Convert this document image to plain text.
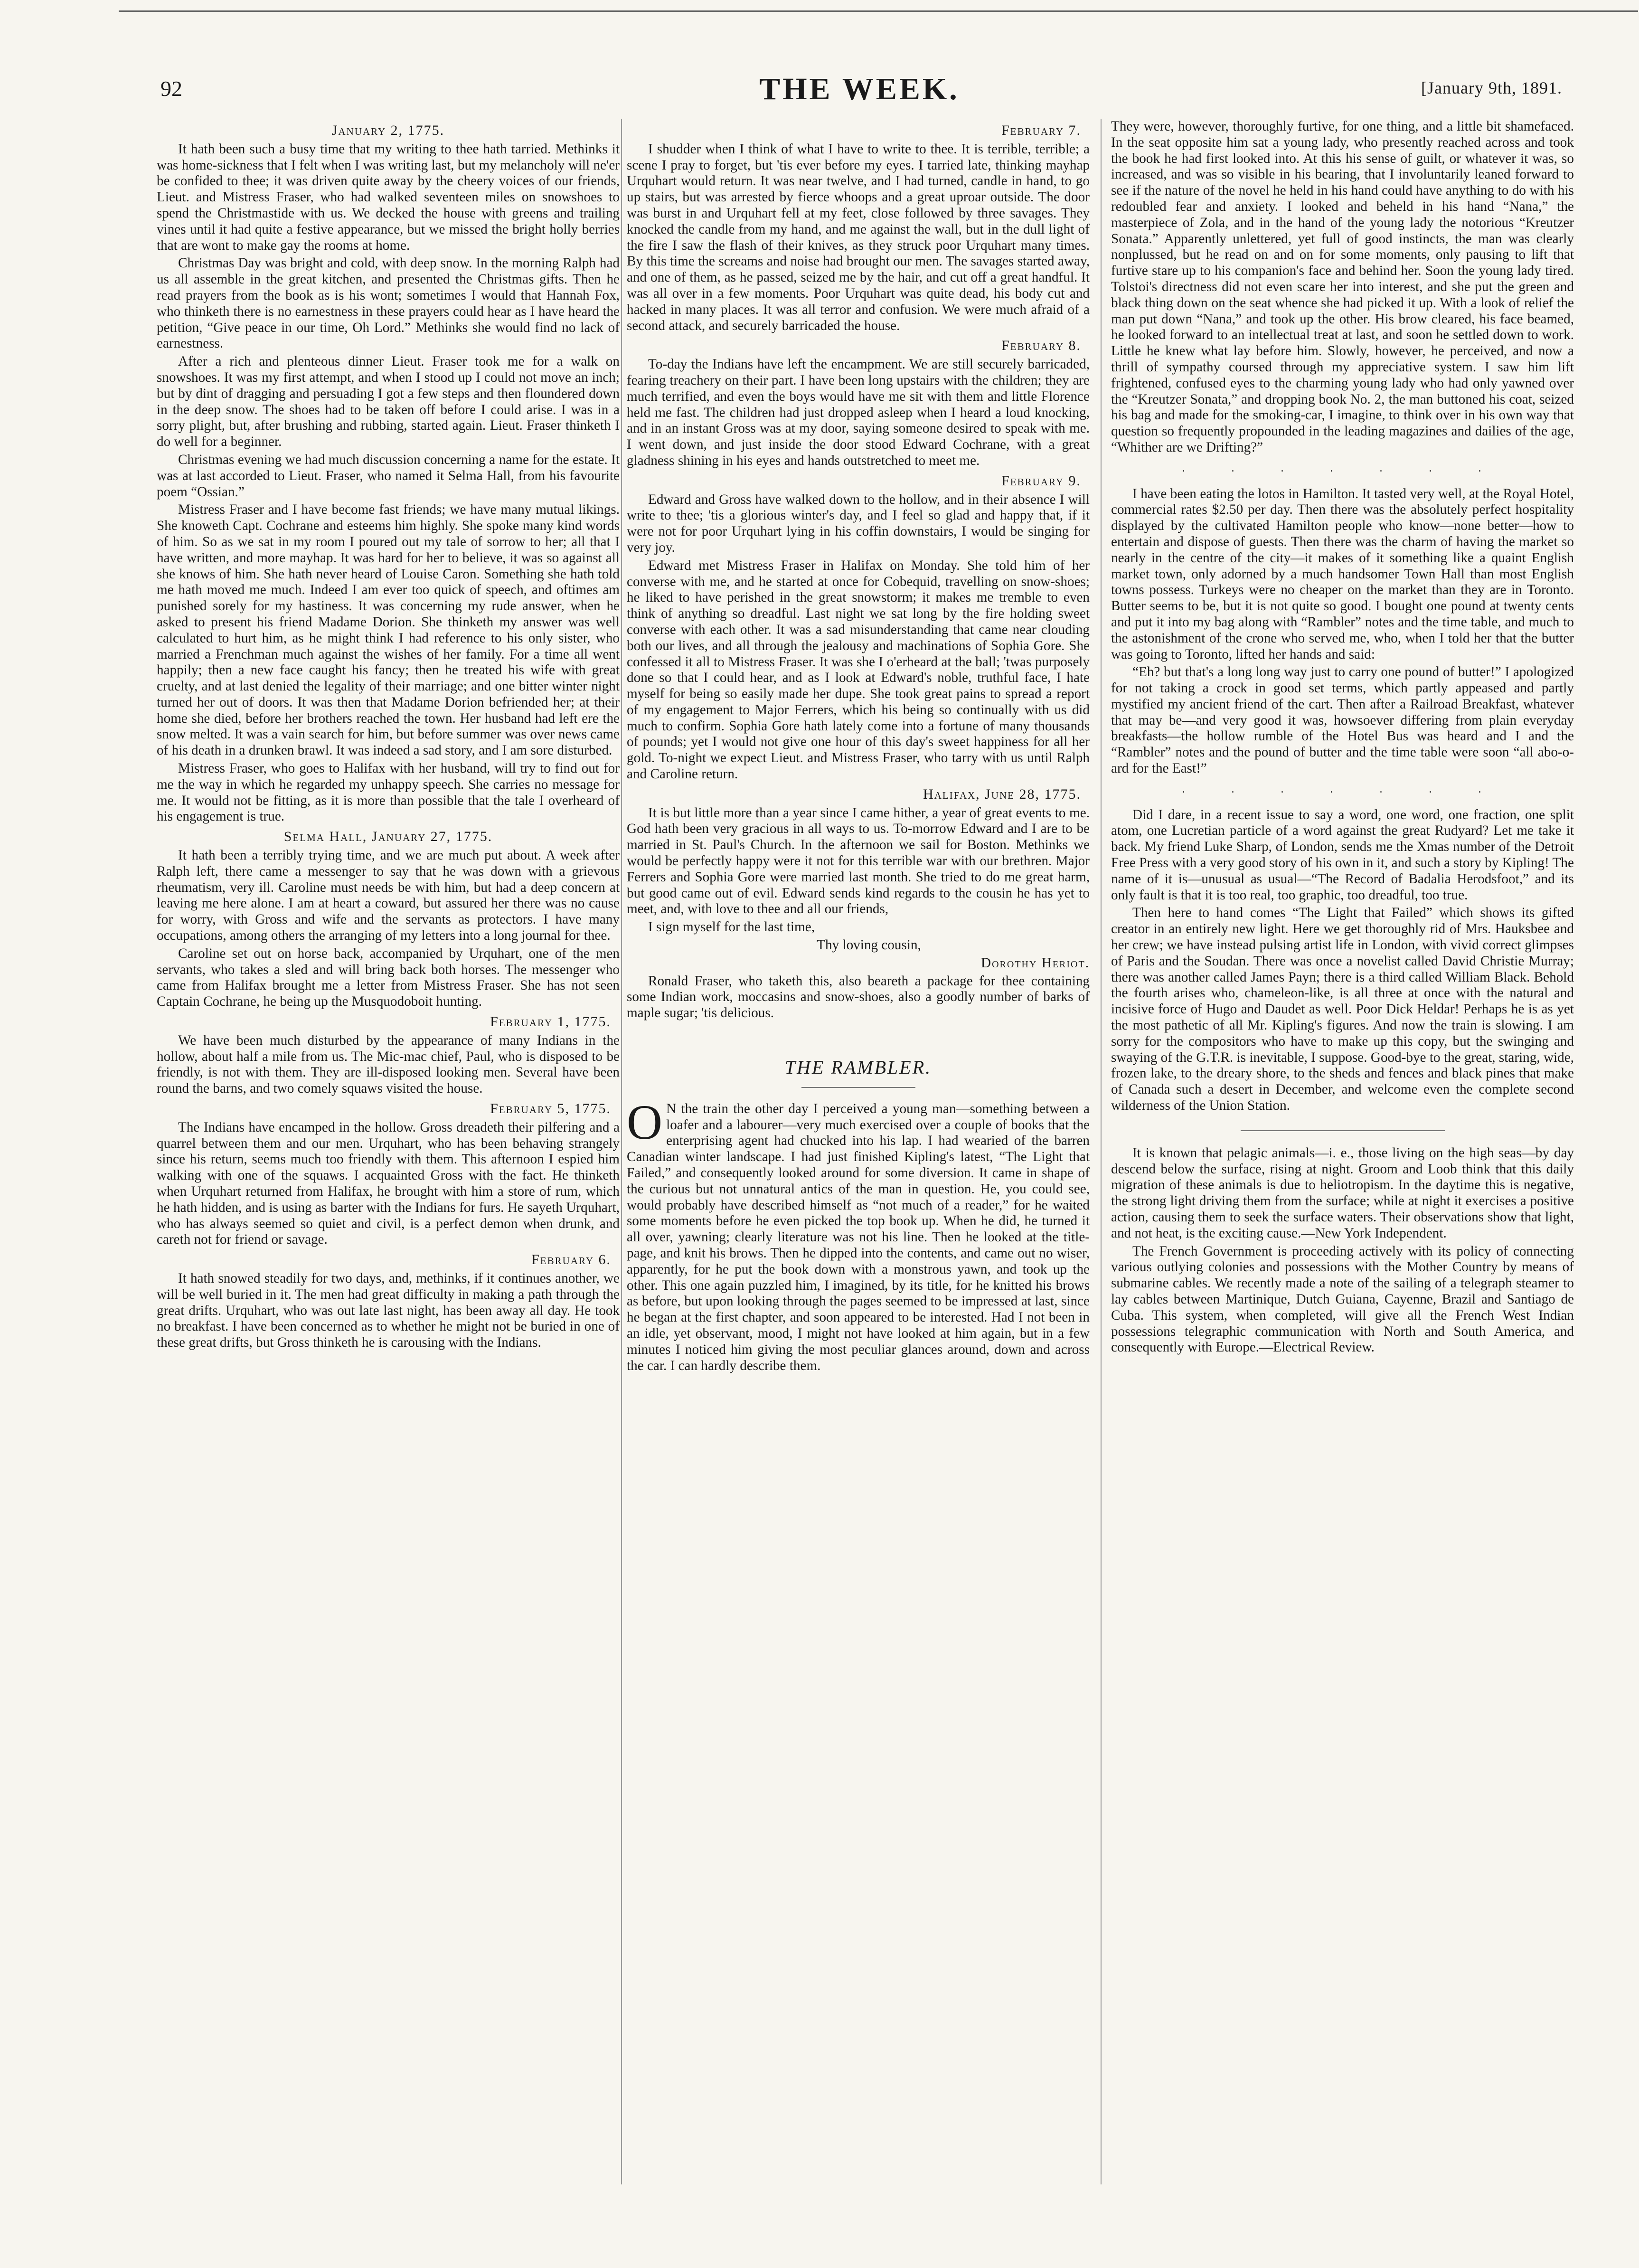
92	THE WEEK.	[January 9th, 1891.
January 2, 1775.

It hath been such a busy time that my writing to thee hath tarried. Methinks it was home-sickness that I felt when I was writing last, but my melancholy will ne'er be confided to thee; it was driven quite away by the cheery voices of our friends, Lieut. and Mistress Fraser, who had walked seventeen miles on snowshoes to spend the Christmastide with us. We decked the house with greens and trailing vines until it had quite a festive appearance, but we missed the bright holly berries that are wont to make gay the rooms at home.

Christmas Day was bright and cold, with deep snow. In the morning Ralph had us all assemble in the great kitchen, and presented the Christmas gifts. Then he read prayers from the book as is his wont; sometimes I would that Hannah Fox, who thinketh there is no earnestness in these prayers could hear as I have heard the petition, “Give peace in our time, Oh Lord.” Methinks she would find no lack of earnestness.

After a rich and plenteous dinner Lieut. Fraser took me for a walk on snowshoes. It was my first attempt, and when I stood up I could not move an inch; but by dint of dragging and persuading I got a few steps and then floundered down in the deep snow. The shoes had to be taken off before I could arise. I was in a sorry plight, but, after brushing and rubbing, started again. Lieut. Fraser thinketh I do well for a beginner.

Christmas evening we had much discussion concerning a name for the estate. It was at last accorded to Lieut. Fraser, who named it Selma Hall, from his favourite poem “Ossian.”

Mistress Fraser and I have become fast friends; we have many mutual likings. She knoweth Capt. Cochrane and esteems him highly. She spoke many kind words of him. So as we sat in my room I poured out my tale of sorrow to her; all that I have written, and more mayhap. It was hard for her to believe, it was so against all she knows of him. She hath never heard of Louise Caron. Something she hath told me hath moved me much. Indeed I am ever too quick of speech, and oftimes am punished sorely for my hastiness. It was concerning my rude answer, when he asked to present his friend Madame Dorion. She thinketh my answer was well calculated to hurt him, as he might think I had reference to his only sister, who married a Frenchman much against the wishes of her family. For a time all went happily; then a new face caught his fancy; then he treated his wife with great cruelty, and at last denied the legality of their marriage; and one bitter winter night turned her out of doors. It was then that Madame Dorion befriended her; at their home she died, before her brothers reached the town. Her husband had left ere the snow melted. It was a vain search for him, but before summer was over news came of his death in a drunken brawl. It was indeed a sad story, and I am sore disturbed.

Mistress Fraser, who goes to Halifax with her husband, will try to find out for me the way in which he regarded my unhappy speech. She carries no message for me. It would not be fitting, as it is more than possible that the tale I overheard of his engagement is true.

Selma Hall, January 27, 1775.

It hath been a terribly trying time, and we are much put about. A week after Ralph left, there came a messenger to say that he was down with a grievous rheumatism, very ill. Caroline must needs be with him, but had a deep concern at leaving me here alone. I am at heart a coward, but assured her there was no cause for worry, with Gross and wife and the servants as protectors. I have many occupations, among others the arranging of my letters into a long journal for thee.

Caroline set out on horse back, accompanied by Urquhart, one of the men servants, who takes a sled and will bring back both horses. The messenger who came from Halifax brought me a letter from Mistress Fraser. She has not seen Captain Cochrane, he being up the Musquodoboit hunting.

February 1, 1775.

We have been much disturbed by the appearance of many Indians in the hollow, about half a mile from us. The Mic-mac chief, Paul, who is disposed to be friendly, is not with them. They are ill-disposed looking men. Several have been round the barns, and two comely squaws visited the house.

February 5, 1775.

The Indians have encamped in the hollow. Gross dreadeth their pilfering and a quarrel between them and our men. Urquhart, who has been behaving strangely since his return, seems much too friendly with them. This afternoon I espied him walking with one of the squaws. I acquainted Gross with the fact. He thinketh when Urquhart returned from Halifax, he brought with him a store of rum, which he hath hidden, and is using as barter with the Indians for furs. He sayeth Urquhart, who has always seemed so quiet and civil, is a perfect demon when drunk, and careth not for friend or savage.

February 6.

It hath snowed steadily for two days, and, methinks, if it continues another, we will be well buried in it. The men had great difficulty in making a path through the great drifts. Urquhart, who was out late last night, has been away all day. He took no breakfast. I have been concerned as to whether he might not be buried in one of these great drifts, but Gross thinketh he is carousing with the Indians.

February 7.

I shudder when I think of what I have to write to thee. It is terrible, terrible; a scene I pray to forget, but 'tis ever before my eyes. I tarried late, thinking mayhap Urquhart would return. It was near twelve, and I had turned, candle in hand, to go up stairs, but was arrested by fierce whoops and a great uproar outside. The door was burst in and Urquhart fell at my feet, close followed by three savages. They knocked the candle from my hand, and me against the wall, but in the dull light of the fire I saw the flash of their knives, as they struck poor Urquhart many times. By this time the screams and noise had brought our men. The savages started away, and one of them, as he passed, seized me by the hair, and cut off a great handful. It was all over in a few moments. Poor Urquhart was quite dead, his body cut and hacked in many places. It was all terror and confusion. We were much afraid of a second attack, and securely barricaded the house.

February 8.

To-day the Indians have left the encampment. We are still securely barricaded, fearing treachery on their part. I have been long upstairs with the children; they are much terrified, and even the boys would have me sit with them and little Florence held me fast. The children had just dropped asleep when I heard a loud knocking, and in an instant Gross was at my door, saying someone desired to speak with me. I went down, and just inside the door stood Edward Cochrane, with a great gladness shining in his eyes and hands outstretched to meet me.

February 9.

Edward and Gross have walked down to the hollow, and in their absence I will write to thee; 'tis a glorious winter's day, and I feel so glad and happy that, if it were not for poor Urquhart lying in his coffin downstairs, I would be singing for very joy.

Edward met Mistress Fraser in Halifax on Monday. She told him of her converse with me, and he started at once for Cobequid, travelling on snow-shoes; he liked to have perished in the great snowstorm; it makes me tremble to even think of anything so dreadful. Last night we sat long by the fire holding sweet converse with each other. It was a sad misunderstanding that came near clouding both our lives, and all through the jealousy and machinations of Sophia Gore. She confessed it all to Mistress Fraser. It was she I o'erheard at the ball; 'twas purposely done so that I could hear, and as I look at Edward's noble, truthful face, I hate myself for being so easily made her dupe. She took great pains to spread a report of my engagement to Major Ferrers, which his being so continually with us did much to confirm. Sophia Gore hath lately come into a fortune of many thousands of pounds; yet I would not give one hour of this day's sweet happiness for all her gold. To-night we expect Lieut. and Mistress Fraser, who tarry with us until Ralph and Caroline return.

Halifax, June 28, 1775.

It is but little more than a year since I came hither, a year of great events to me. God hath been very gracious in all ways to us. To-morrow Edward and I are to be married in St. Paul's Church. In the afternoon we sail for Boston. Methinks we would be perfectly happy were it not for this terrible war with our brethren. Major Ferrers and Sophia Gore were married last month. She tried to do me great harm, but good came out of evil. Edward sends kind regards to the cousin he has yet to meet, and, with love to thee and all our friends,

I sign myself for the last time,

Thy loving cousin,

Dorothy Heriot.

Ronald Fraser, who taketh this, also beareth a package for thee containing some Indian work, moccasins and snow-shoes, also a goodly number of barks of maple sugar; 'tis delicious.

THE RAMBLER.

O N the train the other day I perceived a young man—something between a loafer and a labourer—very much exercised over a couple of books that the enterprising agent had chucked into his lap. I had wearied of the barren Canadian winter landscape. I had just finished Kipling's latest, “The Light that Failed,” and consequently looked around for some diversion. It came in shape of the curious but not unnatural antics of the man in question. He, you could see, would probably have described himself as “not much of a reader,” for he waited some moments before he even picked the top book up. When he did, he turned it all over, yawning; clearly literature was not his line. Then he looked at the title-page, and knit his brows. Then he dipped into the contents, and came out no wiser, apparently, for he put the book down with a monstrous yawn, and took up the other. This one again puzzled him, I imagined, by its title, for he knitted his brows as before, but upon looking through the pages seemed to be impressed at last, since he began at the first chapter, and soon appeared to be interested. Had I not been in an idle, yet observant, mood, I might not have looked at him again, but in a few minutes I noticed him giving the most peculiar glances around, down and across the car. I can hardly describe them.

They were, however, thoroughly furtive, for one thing, and a little bit shamefaced. In the seat opposite him sat a young lady, who presently reached across and took the book he had first looked into. At this his sense of guilt, or whatever it was, so increased, and was so visible in his bearing, that I involuntarily leaned forward to see if the nature of the novel he held in his hand could have anything to do with his redoubled fear and anxiety. I looked and beheld in his hand “Nana,” the masterpiece of Zola, and in the hand of the young lady the notorious “Kreutzer Sonata.” Apparently unlettered, yet full of good instincts, the man was clearly nonplussed, but he read on and on for some moments, only pausing to lift that furtive stare up to his companion's face and behind her. Soon the young lady tired. Tolstoi's directness did not even scare her into interest, and she put the green and black thing down on the seat whence she had picked it up. With a look of relief the man put down “Nana,” and took up the other. His brow cleared, his face beamed, he looked forward to an intellectual treat at last, and soon he settled down to work. Little he knew what lay before him. Slowly, however, he perceived, and now a thrill of sympathy coursed through my appreciative system. I saw him lift frightened, confused eyes to the charming young lady who had only yawned over the “Kreutzer Sonata,” and dropping book No. 2, the man buttoned his coat, seized his bag and made for the smoking-car, I imagine, to think over in his own way that question so frequently propounded in the leading magazines and dailies of the age, “Whither are we Drifting?”

. . . . . . .

I have been eating the lotos in Hamilton. It tasted very well, at the Royal Hotel, commercial rates $2.50 per day. Then there was the absolutely perfect hospitality displayed by the cultivated Hamilton people who know—none better—how to entertain and dispose of guests. Then there was the charm of having the market so nearly in the centre of the city—it makes of it something like a quaint English market town, only adorned by a much handsomer Town Hall than most English towns possess. Turkeys were no cheaper on the market than they are in Toronto. Butter seems to be, but it is not quite so good. I bought one pound at twenty cents and put it into my bag along with “Rambler” notes and the time table, and much to the astonishment of the crone who served me, who, when I told her that the butter was going to Toronto, lifted her hands and said:

“Eh? but that's a long long way just to carry one pound of butter!” I apologized for not taking a crock in good set terms, which partly appeased and partly mystified my ancient friend of the cart. Then after a Railroad Breakfast, whatever that may be—and very good it was, howsoever differing from plain everyday breakfasts—the hollow rumble of the Hotel Bus was heard and I and the “Rambler” notes and the pound of butter and the time table were soon “all abo-o-ard for the East!”

. . . . . . .

Did I dare, in a recent issue to say a word, one word, one fraction, one split atom, one Lucretian particle of a word against the great Rudyard? Let me take it back. My friend Luke Sharp, of London, sends me the Xmas number of the Detroit Free Press with a very good story of his own in it, and such a story by Kipling! The name of it is—unusual as usual—“The Record of Badalia Herodsfoot,” and its only fault is that it is too real, too graphic, too dreadful, too true.

Then here to hand comes “The Light that Failed” which shows its gifted creator in an entirely new light. Here we get thoroughly rid of Mrs. Hauksbee and her crew; we have instead pulsing artist life in London, with vivid correct glimpses of Paris and the Soudan. There was once a novelist called David Christie Murray; there was another called James Payn; there is a third called William Black. Behold the fourth arises who, chameleon-like, is all three at once with the natural and incisive force of Hugo and Daudet as well. Poor Dick Heldar! Perhaps he is as yet the most pathetic of all Mr. Kipling's figures. And now the train is slowing. I am sorry for the compositors who have to make up this copy, but the swinging and swaying of the G.T.R. is inevitable, I suppose. Good-bye to the great, staring, wide, frozen lake, to the dreary shore, to the sheds and fences and black pines that make of Canada such a desert in December, and welcome even the complete second wilderness of the Union Station.

It is known that pelagic animals—i. e., those living on the high seas—by day descend below the surface, rising at night. Groom and Loob think that this daily migration of these animals is due to heliotropism. In the daytime this is negative, the strong light driving them from the surface; while at night it exercises a positive action, causing them to seek the surface waters. Their observations show that light, and not heat, is the exciting cause.—New York Independent.

The French Government is proceeding actively with its policy of connecting various outlying colonies and possessions with the Mother Country by means of submarine cables. We recently made a note of the sailing of a telegraph steamer to lay cables between Martinique, Dutch Guiana, Cayenne, Brazil and Santiago de Cuba. This system, when completed, will give all the French West Indian possessions telegraphic communication with North and South America, and consequently with Europe.—Electrical Review.
